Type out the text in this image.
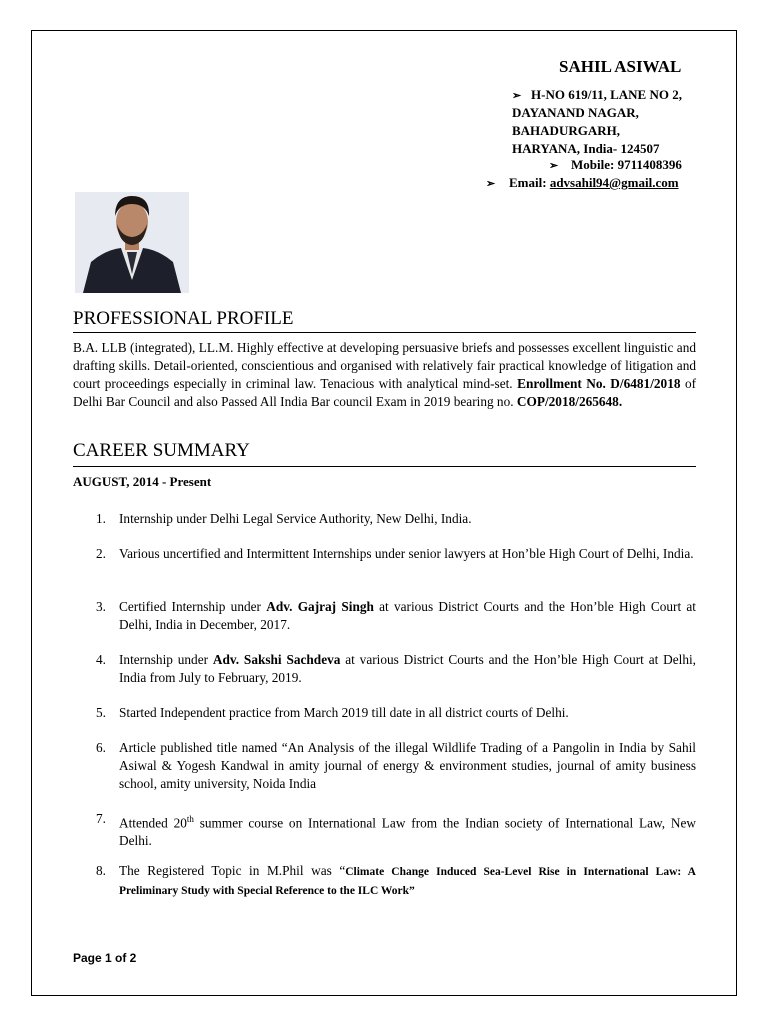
SAHIL ASIWAL
➢ H-NO 619/11, LANE NO 2,
DAYANAND NAGAR,
BAHADURGARH,
HARYANA, India- 124507
➢ Mobile: 9711408396
➢ Email: advsahil94@gmail.com
PROFESSIONAL PROFILE
B.A. LLB (integrated), LL.M. Highly effective at developing persuasive briefs and possesses excellent linguistic and drafting skills. Detail-oriented, conscientious and organised with relatively fair practical knowledge of litigation and court proceedings especially in criminal law. Tenacious with analytical mind-set. Enrollment No. D/6481/2018 of Delhi Bar Council and also Passed All India Bar council Exam in 2019 bearing no. COP/2018/265648.
CAREER SUMMARY
AUGUST, 2014 - Present
1. Internship under Delhi Legal Service Authority, New Delhi, India.
2. Various uncertified and Intermittent Internships under senior lawyers at Hon’ble High Court of Delhi, India.
3. Certified Internship under Adv. Gajraj Singh at various District Courts and the Hon’ble High Court at Delhi, India in December, 2017.
4. Internship under Adv. Sakshi Sachdeva at various District Courts and the Hon’ble High Court at Delhi, India from July to February, 2019.
5. Started Independent practice from March 2019 till date in all district courts of Delhi.
6. Article published title named “An Analysis of the illegal Wildlife Trading of a Pangolin in India by Sahil Asiwal & Yogesh Kandwal in amity journal of energy & environment studies, journal of amity business school, amity university, Noida India
7. Attended 20th summer course on International Law from the Indian society of International Law, New Delhi.
8. The Registered Topic in M.Phil was “Climate Change Induced Sea-Level Rise in International Law: A Preliminary Study with Special Reference to the ILC Work”
Page 1 of 2
